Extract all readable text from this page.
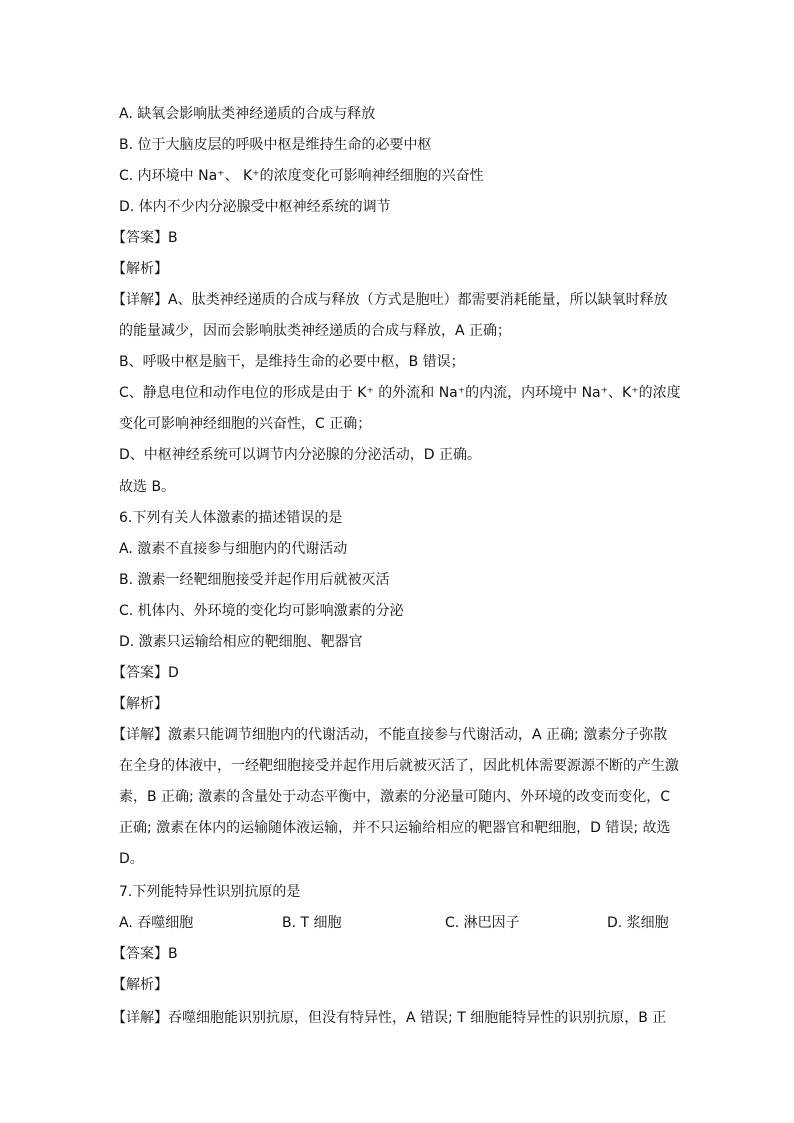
A. 缺氧会影响肽类神经递质的合成与释放
B. 位于大脑皮层的呼吸中枢是维持生命的必要中枢
C. 内环境中 Na⁺、 K⁺的浓度变化可影响神经细胞的兴奋性
D. 体内不少内分泌腺受中枢神经系统的调节
【答案】B
【解析】
【详解】A、肽类神经递质的合成与释放（方式是胞吐）都需要消耗能量，所以缺氧时释放
的能量减少，因而会影响肽类神经递质的合成与释放，A 正确；
B、呼吸中枢是脑干，是维持生命的必要中枢，B 错误；
C、静息电位和动作电位的形成是由于 K⁺ 的外流和 Na⁺的内流，内环境中 Na⁺、K⁺的浓度
变化可影响神经细胞的兴奋性，C 正确；
D、中枢神经系统可以调节内分泌腺的分泌活动，D 正确。
故选 B。
6.下列有关人体激素的描述错误的是
A. 激素不直接参与细胞内的代谢活动
B. 激素一经靶细胞接受并起作用后就被灭活
C. 机体内、外环境的变化均可影响激素的分泌
D. 激素只运输给相应的靶细胞、靶器官
【答案】D
【解析】
【详解】激素只能调节细胞内的代谢活动，不能直接参与代谢活动，A 正确; 激素分子弥散
在全身的体液中，一经靶细胞接受并起作用后就被灭活了，因此机体需要源源不断的产生激
素，B 正确; 激素的含量处于动态平衡中，激素的分泌量可随内、外环境的改变而变化，C
正确; 激素在体内的运输随体液运输，并不只运输给相应的靶器官和靶细胞，D 错误; 故选
D。
7.下列能特异性识别抗原的是
A. 吞噬细胞	B. T 细胞	C. 淋巴因子	D. 浆细胞
【答案】B
【解析】
【详解】吞噬细胞能识别抗原，但没有特异性，A 错误; T 细胞能特异性的识别抗原，B 正
